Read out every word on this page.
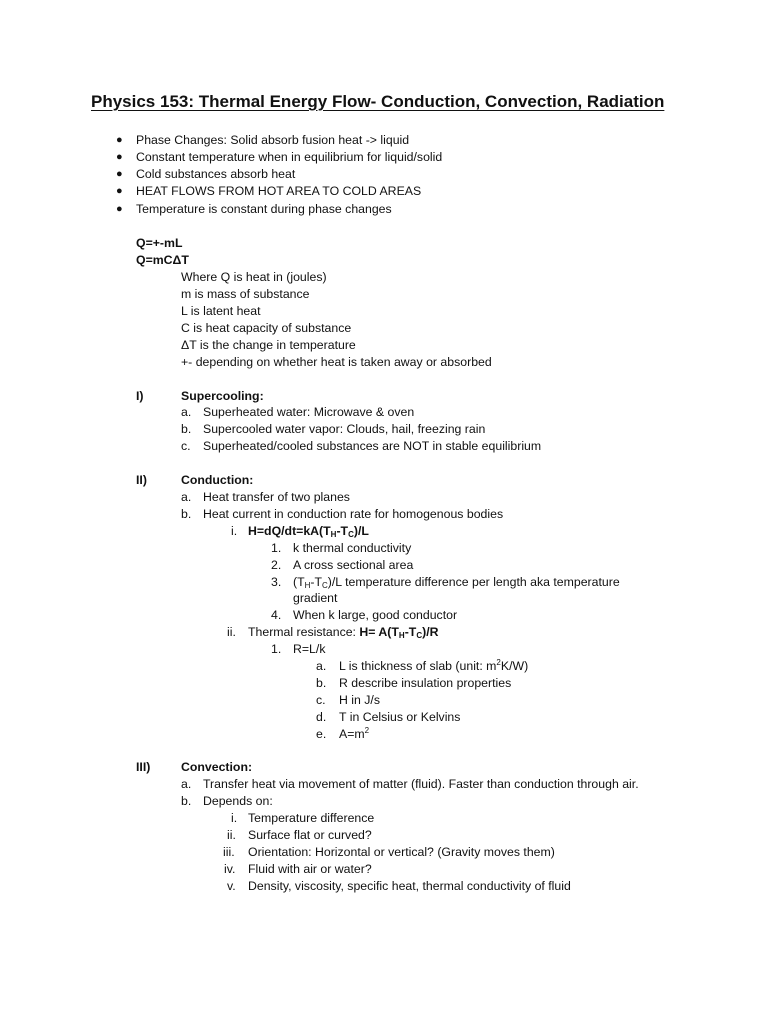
Physics 153: Thermal Energy Flow- Conduction, Convection, Radiation
● Phase Changes: Solid absorb fusion heat -> liquid
● Constant temperature when in equilibrium for liquid/solid
● Cold substances absorb heat
● HEAT FLOWS FROM HOT AREA TO COLD AREAS
● Temperature is constant during phase changes
Q=+-mL
Q=mCΔT
Where Q is heat in (joules)
m is mass of substance
L is latent heat
C is heat capacity of substance
ΔT is the change in temperature
+- depending on whether heat is taken away or absorbed
I)	Supercooling:
a. Superheated water: Microwave & oven
b. Supercooled water vapor: Clouds, hail, freezing rain
c. Superheated/cooled substances are NOT in stable equilibrium
II)	Conduction:
a. Heat transfer of two planes
b. Heat current in conduction rate for homogenous bodies
i. $H=dQ/dt=kA(T_H-T_C)/L$
1. k thermal conductivity
2. A cross sectional area
3. $(T_H-T_C)/L$ temperature difference per length aka temperature
gradient
4. When k large, good conductor
ii. Thermal resistance: $H= A(T_H-T_C)/R$
1. R=L/k
a. L is thickness of slab (unit: $m^2K/W$)
b. R describe insulation properties
c. H in J/s
d. T in Celsius or Kelvins
e. $A=m^2$
III) Convection:
a. Transfer heat via movement of matter (fluid). Faster than conduction through air.
b. Depends on:
i. Temperature difference
ii. Surface flat or curved?
iii. Orientation: Horizontal or vertical? (Gravity moves them)
iv. Fluid with air or water?
v. Density, viscosity, specific heat, thermal conductivity of fluid
